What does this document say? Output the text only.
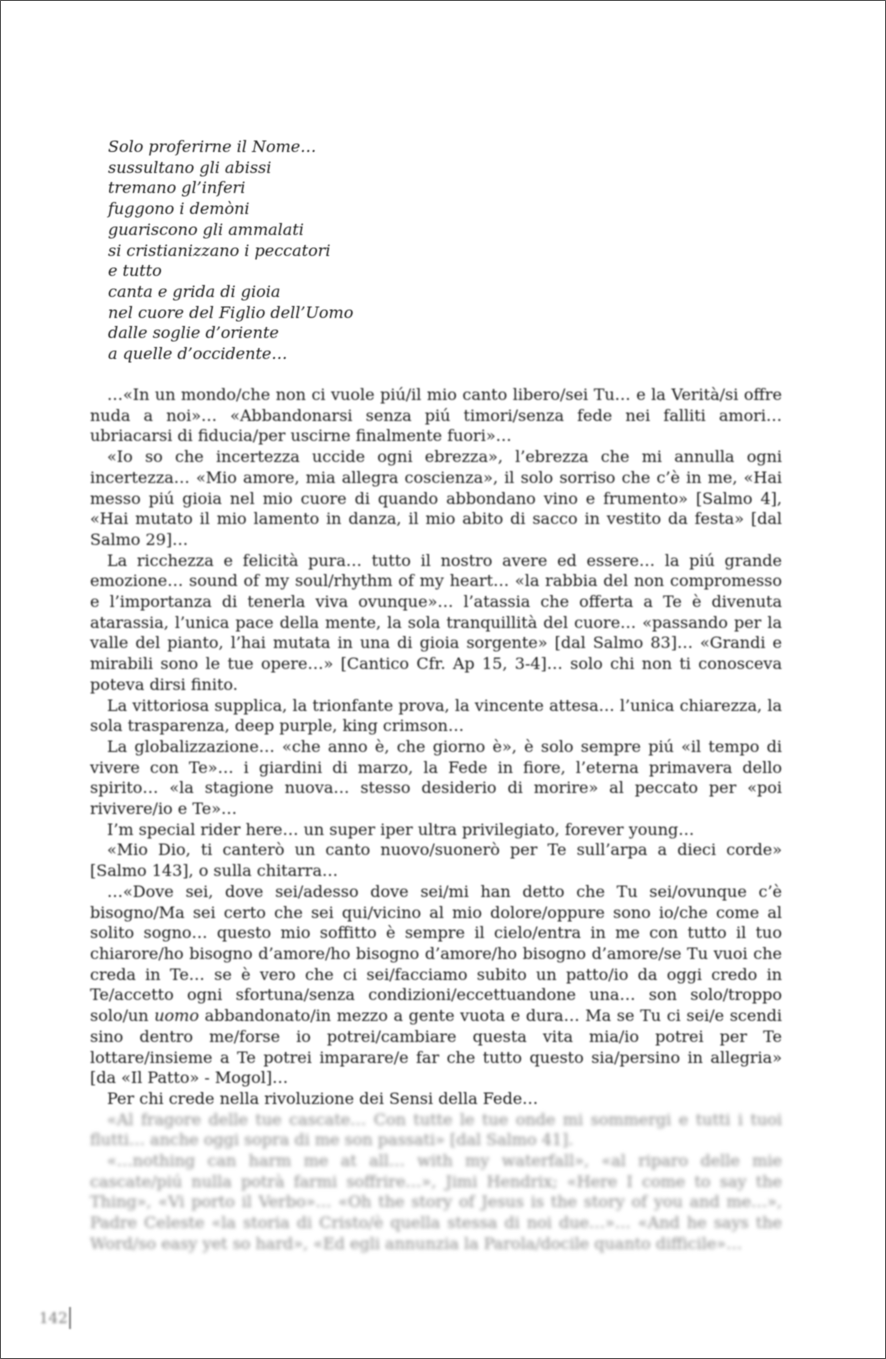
Solo proferirne il Nome…
sussultano gli abissi
tremano gl’inferi
fuggono i demòni
guariscono gli ammalati
si cristianizzano i peccatori
e tutto
canta e grida di gioia
nel cuore del Figlio dell’Uomo
dalle soglie d’oriente
a quelle d’occidente…

…«In un mondo/che non ci vuole piú/il mio canto libero/sei Tu… e la Verità/si offre nuda a noi»… «Abbandonarsi senza piú timori/senza fede nei falliti amori… ubriacarsi di fiducia/per uscirne finalmente fuori»…

«Io so che incertezza uccide ogni ebrezza», l’ebrezza che mi annulla ogni incertezza… «Mio amore, mia allegra coscienza», il solo sorriso che c’è in me, «Hai messo piú gioia nel mio cuore di quando abbondano vino e frumento» [Salmo 4], «Hai mutato il mio lamento in danza, il mio abito di sacco in vestito da festa» [dal Salmo 29]…

La ricchezza e felicità pura… tutto il nostro avere ed essere… la piú grande emozione… sound of my soul/rhythm of my heart… «la rabbia del non compromesso e l’importanza di tenerla viva ovunque»… l’atassia che offerta a Te è divenuta atarassia, l’unica pace della mente, la sola tranquillità del cuore… «passando per la valle del pianto, l’hai mutata in una di gioia sorgente» [dal Salmo 83]… «Grandi e mirabili sono le tue opere…» [Cantico Cfr. Ap 15, 3-4]… solo chi non ti conosceva poteva dirsi finito.

La vittoriosa supplica, la trionfante prova, la vincente attesa… l’unica chiarezza, la sola trasparenza, deep purple, king crimson…

La globalizzazione… «che anno è, che giorno è», è solo sempre piú «il tempo di vivere con Te»… i giardini di marzo, la Fede in fiore, l’eterna primavera dello spirito… «la stagione nuova… stesso desiderio di morire» al peccato per «poi rivivere/io e Te»…

I’m special rider here… un super iper ultra privilegiato, forever young…

«Mio Dio, ti canterò un canto nuovo/suonerò per Te sull’arpa a dieci corde» [Salmo 143], o sulla chitarra…

…«Dove sei, dove sei/adesso dove sei/mi han detto che Tu sei/ovunque c’è bisogno/Ma sei certo che sei qui/vicino al mio dolore/oppure sono io/che come al solito sogno… questo mio soffitto è sempre il cielo/entra in me con tutto il tuo chiarore/ho bisogno d’amore/ho bisogno d’amore/ho bisogno d’amore/se Tu vuoi che creda in Te… se è vero che ci sei/facciamo subito un patto/io da oggi credo in Te/accetto ogni sfortuna/senza condizioni/eccettuandone una… son solo/troppo solo/un uomo abbandonato/in mezzo a gente vuota e dura… Ma se Tu ci sei/e scendi sino dentro me/forse io potrei/cambiare questa vita mia/io potrei per Te lottare/insieme a Te potrei imparare/e far che tutto questo sia/persino in allegria» [da «Il Patto» - Mogol]…

Per chi crede nella rivoluzione dei Sensi della Fede…

«Al fragore delle tue cascate… Con tutte le tue onde mi sommergi e tutti i tuoi flutti… anche oggi sopra di me son passati» [dal Salmo 41].

«…nothing can harm me at all… with my waterfall», «al riparo delle mie cascate/piú nulla potrà farmi soffrire…», Jimi Hendrix; «Here I come to say the Thing», «Vi porto il Verbo»… «Oh the story of Jesus is the story of you and me…», Padre Celeste «la storia di Cristo/è quella stessa di noi due…»… «And he says the Word/so easy yet so hard», «Ed egli annunzia la Parola/docile quanto difficile»…

142
